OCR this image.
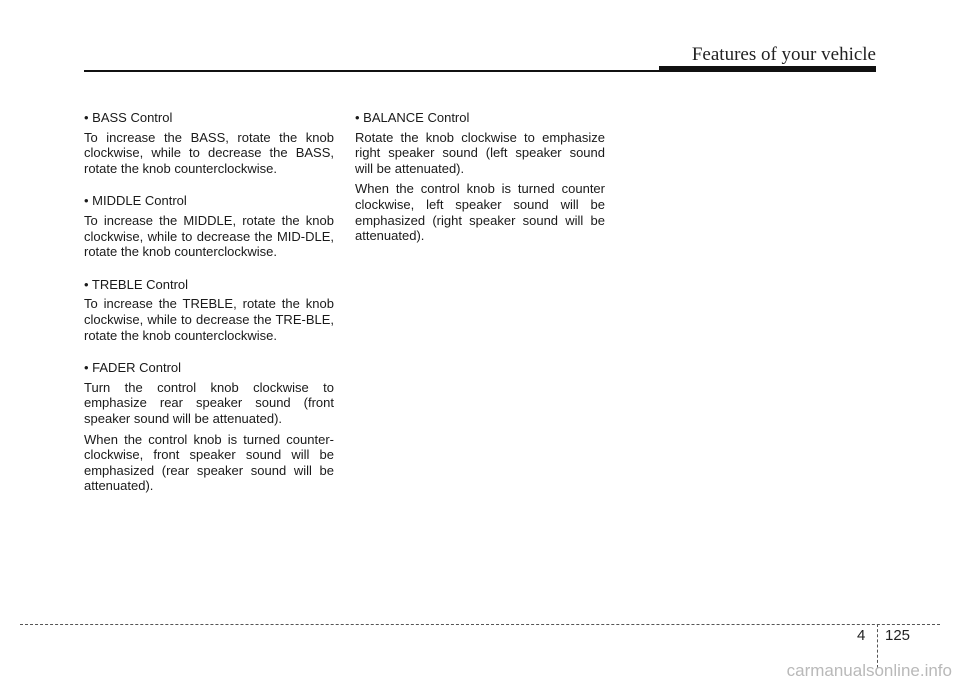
Features of your vehicle

• BASS Control

To increase the BASS, rotate the knob clockwise, while to decrease the BASS, rotate the knob counterclockwise.

• MIDDLE Control

To increase the MIDDLE, rotate the knob clockwise, while to decrease the MID-DLE, rotate the knob counterclockwise.

• TREBLE Control

To increase the TREBLE, rotate the knob clockwise, while to decrease the TRE-BLE, rotate the knob counterclockwise.

• FADER Control

Turn the control knob clockwise to emphasize rear speaker sound (front speaker sound will be attenuated).

When the control knob is turned counter-clockwise, front speaker sound will be emphasized (rear speaker sound will be attenuated).

• BALANCE Control

Rotate the knob clockwise to emphasize right speaker sound (left speaker sound will be attenuated).

When the control knob is turned counter clockwise, left speaker sound will be emphasized (right speaker sound will be attenuated).

4 125
carmanualsonline.info
